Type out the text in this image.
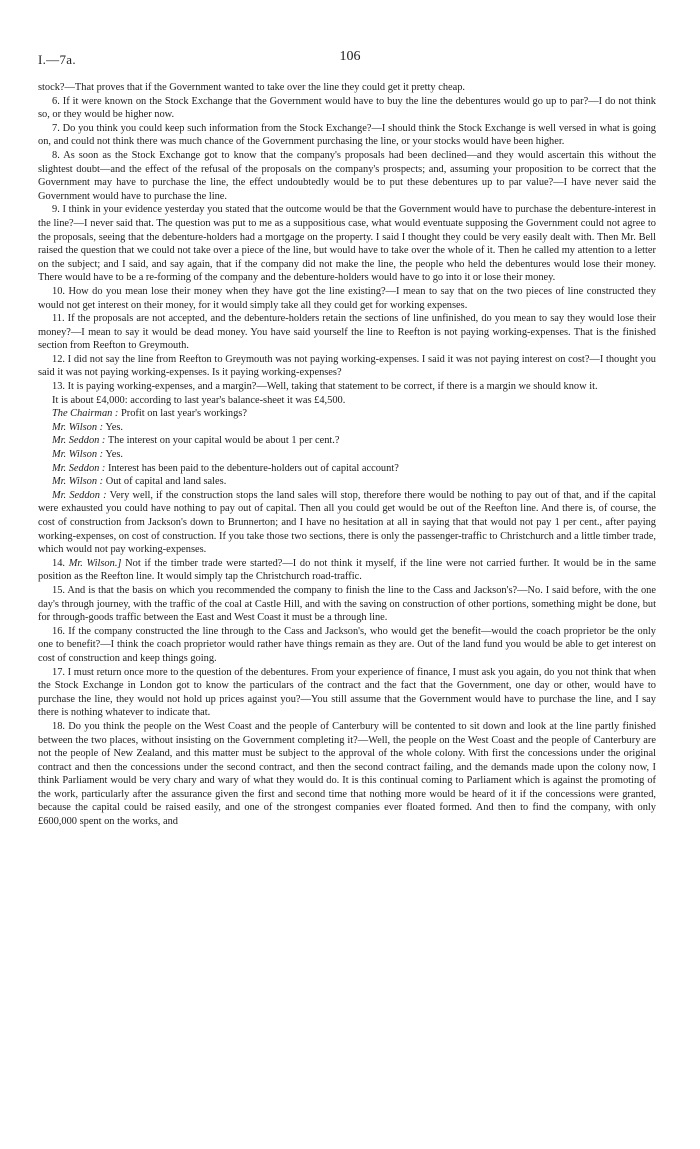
I.—7a.	106

stock?—That proves that if the Government wanted to take over the line they could get it pretty cheap.

6. If it were known on the Stock Exchange that the Government would have to buy the line the debentures would go up to par?—I do not think so, or they would be higher now.

7. Do you think you could keep such information from the Stock Exchange?—I should think the Stock Exchange is well versed in what is going on, and could not think there was much chance of the Government purchasing the line, or your stocks would have been higher.

8. As soon as the Stock Exchange got to know that the company's proposals had been declined—and they would ascertain this without the slightest doubt—and the effect of the refusal of the proposals on the company's prospects; and, assuming your proposition to be correct that the Government may have to purchase the line, the effect undoubtedly would be to put these debentures up to par value?—I have never said the Government would have to purchase the line.

9. I think in your evidence yesterday you stated that the outcome would be that the Government would have to purchase the debenture-interest in the line?—I never said that. The question was put to me as a suppositious case, what would eventuate supposing the Government could not agree to the proposals, seeing that the debenture-holders had a mortgage on the property. I said I thought they could be very easily dealt with. Then Mr. Bell raised the question that we could not take over a piece of the line, but would have to take over the whole of it. Then he called my attention to a letter on the subject; and I said, and say again, that if the company did not make the line, the people who held the debentures would lose their money. There would have to be a re-forming of the company and the debenture-holders would have to go into it or lose their money.

10. How do you mean lose their money when they have got the line existing?—I mean to say that on the two pieces of line constructed they would not get interest on their money, for it would simply take all they could get for working expenses.

11. If the proposals are not accepted, and the debenture-holders retain the sections of line unfinished, do you mean to say they would lose their money?—I mean to say it would be dead money. You have said yourself the line to Reefton is not paying working-expenses. That is the finished section from Reefton to Greymouth.

12. I did not say the line from Reefton to Greymouth was not paying working-expenses. I said it was not paying interest on cost?—I thought you said it was not paying working-expenses. Is it paying working-expenses?

13. It is paying working-expenses, and a margin?—Well, taking that statement to be correct, if there is a margin we should know it.

It is about £4,000: according to last year's balance-sheet it was £4,500.

The Chairman : Profit on last year's workings?

Mr. Wilson : Yes.

Mr. Seddon : The interest on your capital would be about 1 per cent.?

Mr. Wilson : Yes.

Mr. Seddon : Interest has been paid to the debenture-holders out of capital account?

Mr. Wilson : Out of capital and land sales.

Mr. Seddon : Very well, if the construction stops the land sales will stop, therefore there would be nothing to pay out of that, and if the capital were exhausted you could have nothing to pay out of capital. Then all you could get would be out of the Reefton line. And there is, of course, the cost of construction from Jackson's down to Brunnerton; and I have no hesitation at all in saying that that would not pay 1 per cent., after paying working-expenses, on cost of construction. If you take those two sections, there is only the passenger-traffic to Christchurch and a little timber trade, which would not pay working-expenses.

14. Mr. Wilson.] Not if the timber trade were started?—I do not think it myself, if the line were not carried further. It would be in the same position as the Reefton line. It would simply tap the Christchurch road-traffic.

15. And is that the basis on which you recommended the company to finish the line to the Cass and Jackson's?—No. I said before, with the one day's through journey, with the traffic of the coal at Castle Hill, and with the saving on construction of other portions, something might be done, but for through-goods traffic between the East and West Coast it must be a through line.

16. If the company constructed the line through to the Cass and Jackson's, who would get the benefit—would the coach proprietor be the only one to benefit?—I think the coach proprietor would rather have things remain as they are. Out of the land fund you would be able to get interest on cost of construction and keep things going.

17. I must return once more to the question of the debentures. From your experience of finance, I must ask you again, do you not think that when the Stock Exchange in London got to know the particulars of the contract and the fact that the Government, one day or other, would have to purchase the line, they would not hold up prices against you?—You still assume that the Government would have to purchase the line, and I say there is nothing whatever to indicate that.

18. Do you think the people on the West Coast and the people of Canterbury will be contented to sit down and look at the line partly finished between the two places, without insisting on the Government completing it?—Well, the people on the West Coast and the people of Canterbury are not the people of New Zealand, and this matter must be subject to the approval of the whole colony. With first the concessions under the original contract and then the concessions under the second contract, and then the second contract failing, and the demands made upon the colony now, I think Parliament would be very chary and wary of what they would do. It is this continual coming to Parliament which is against the promoting of the work, particularly after the assurance given the first and second time that nothing more would be heard of it if the concessions were granted, because the capital could be raised easily, and one of the strongest companies ever floated formed. And then to find the company, with only £600,000 spent on the works, and
